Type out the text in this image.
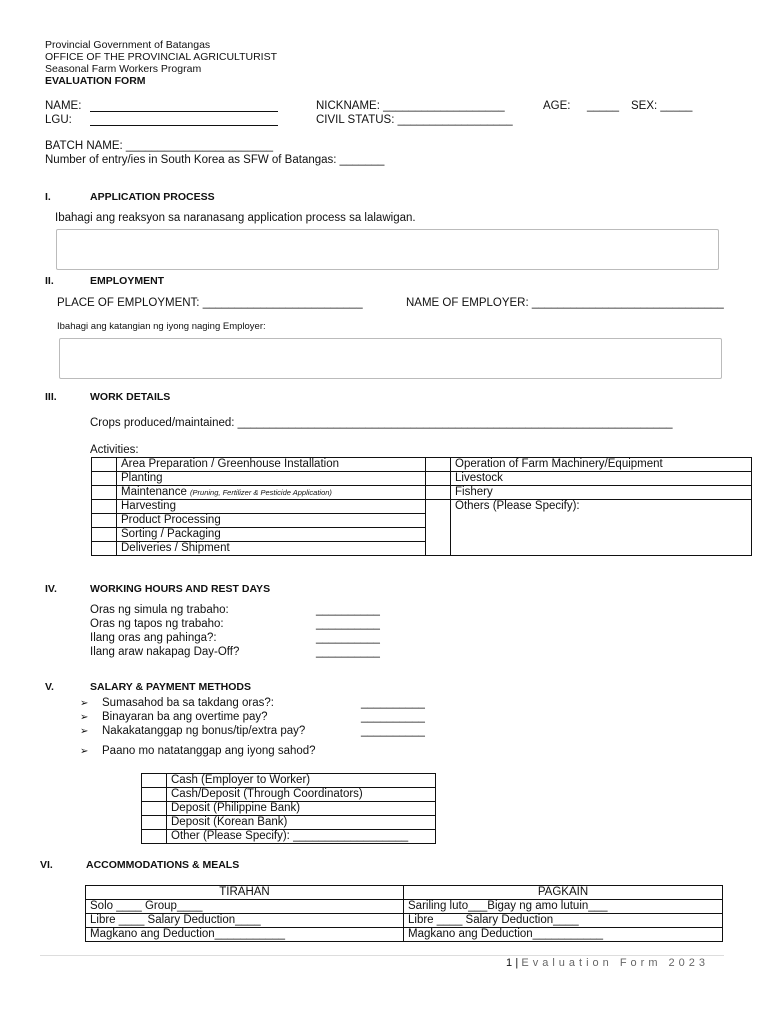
Provincial Government of Batangas
OFFICE OF THE PROVINCIAL AGRICULTURIST
Seasonal Farm Workers Program
EVALUATION FORM
NAME:	NICKNAME: ___________________	AGE: _____ SEX: _____
LGU:	CIVIL STATUS: __________________
BATCH NAME: _______________________
Number of entry/ies in South Korea as SFW of Batangas: _______
I.	APPLICATION PROCESS
Ibahagi ang reaksyon sa naranasang application process sa lalawigan.
II.	EMPLOYMENT
PLACE OF EMPLOYMENT: _________________________	NAME OF EMPLOYER: ______________________________
Ibahagi ang katangian ng iyong naging Employer:
III.	WORK DETAILS
Crops produced/maintained: ____________________________________________________________________
Activities:
	Area Preparation / Greenhouse Installation		Operation of Farm Machinery/Equipment
	Planting		Livestock
	Maintenance (Pruning, Fertilizer & Pesticide Application)		Fishery
	Harvesting		Others (Please Specify):
	Product Processing		
	Sorting / Packaging		
	Deliveries / Shipment		
IV.	WORKING HOURS AND REST DAYS
Oras ng simula ng trabaho:	__________
Oras ng tapos ng trabaho:	__________
Ilang oras ang pahinga?:	__________
Ilang araw nakapag Day-Off?	__________
V.	SALARY & PAYMENT METHODS
➢ Sumasahod ba sa takdang oras?:	__________
➢ Binayaran ba ang overtime pay?	__________
➢ Nakakatanggap ng bonus/tip/extra pay?	__________
➢ Paano mo natatanggap ang iyong sahod?
	Cash (Employer to Worker)
	Cash/Deposit (Through Coordinators)
	Deposit (Philippine Bank)
	Deposit (Korean Bank)
	Other (Please Specify): __________________
VI.	ACCOMMODATIONS & MEALS
TIRAHAN	PAGKAIN
Solo ____ Group____	Sariling luto___Bigay ng amo lutuin___
Libre ____ Salary Deduction____	Libre ____ Salary Deduction____
Magkano ang Deduction___________	Magkano ang Deduction___________
1 | Evaluation Form 2023
